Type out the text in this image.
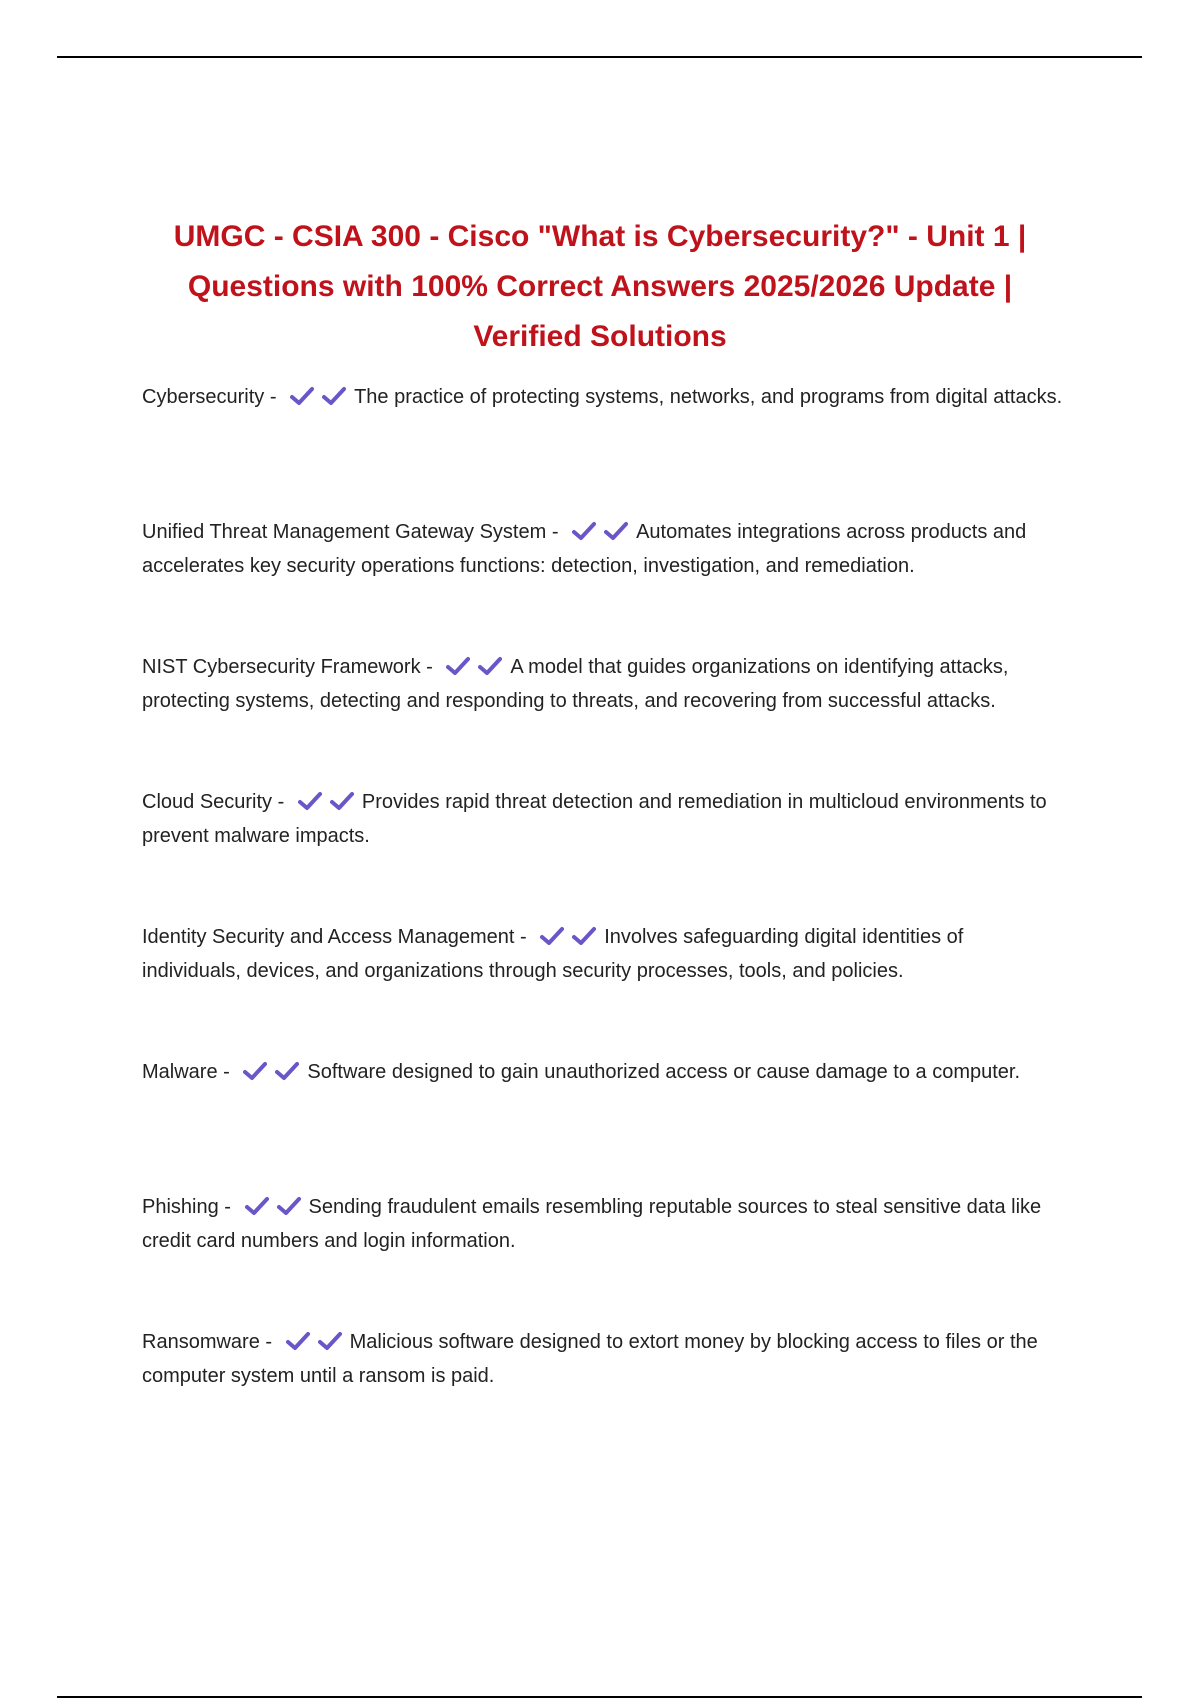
UMGC - CSIA 300 - Cisco "What is Cybersecurity?" - Unit 1 | Questions with 100% Correct Answers 2025/2026 Update | Verified Solutions
Cybersecurity -	The practice of protecting systems, networks, and programs from digital attacks.
Unified Threat Management Gateway System -	Automates integrations across products and accelerates key security operations functions: detection, investigation, and remediation.
NIST Cybersecurity Framework -	A model that guides organizations on identifying attacks, protecting systems, detecting and responding to threats, and recovering from successful attacks.
Cloud Security -	Provides rapid threat detection and remediation in multicloud environments to prevent malware impacts.
Identity Security and Access Management -	Involves safeguarding digital identities of individuals, devices, and organizations through security processes, tools, and policies.
Malware -	Software designed to gain unauthorized access or cause damage to a computer.
Phishing -	Sending fraudulent emails resembling reputable sources to steal sensitive data like credit card numbers and login information.
Ransomware -	Malicious software designed to extort money by blocking access to files or the computer system until a ransom is paid.
